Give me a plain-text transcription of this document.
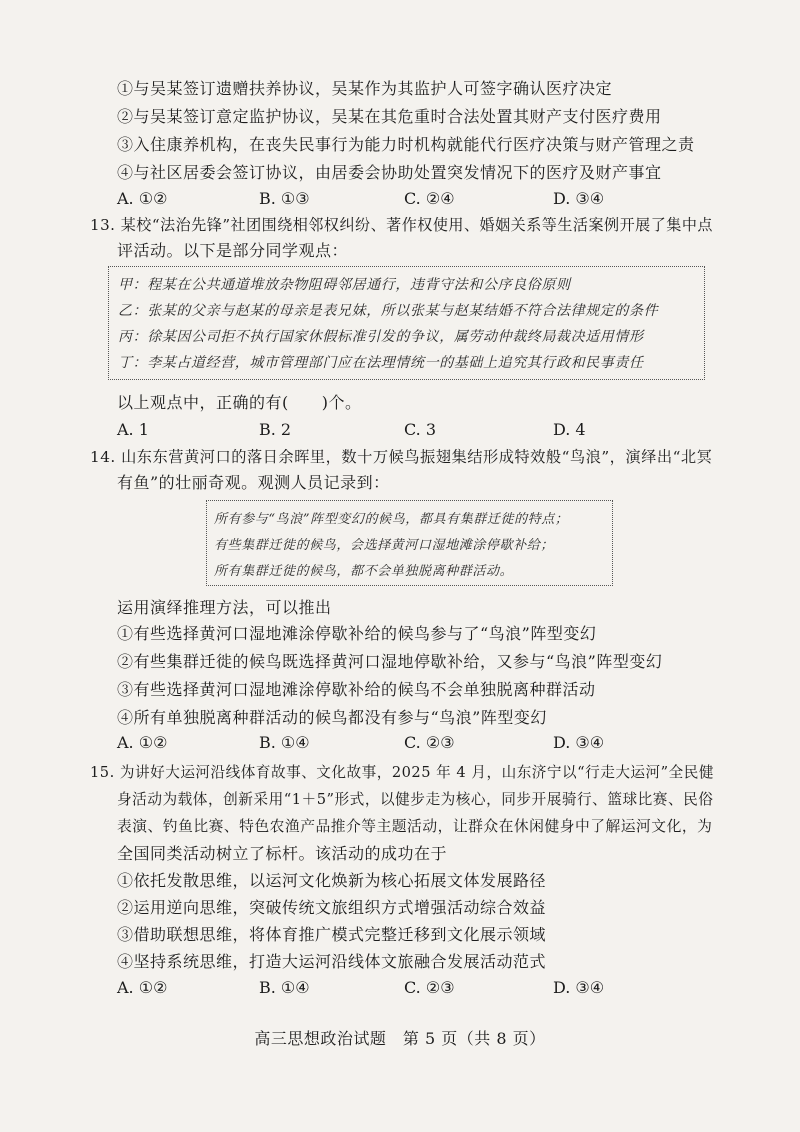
①与吴某签订遗赠扶养协议，吴某作为其监护人可签字确认医疗决定
②与吴某签订意定监护协议，吴某在其危重时合法处置其财产支付医疗费用
③入住康养机构，在丧失民事行为能力时机构就能代行医疗决策与财产管理之责
④与社区居委会签订协议，由居委会协助处置突发情况下的医疗及财产事宜
A. ①②	B. ①③	C. ②④	D. ③④
13. 某校“法治先锋”社团围绕相邻权纠纷、著作权使用、婚姻关系等生活案例开展了集中点
评活动。以下是部分同学观点：
甲：程某在公共通道堆放杂物阻碍邻居通行，违背守法和公序良俗原则
乙：张某的父亲与赵某的母亲是表兄妹，所以张某与赵某结婚不符合法律规定的条件
丙：徐某因公司拒不执行国家休假标准引发的争议，属劳动仲裁终局裁决适用情形
丁：李某占道经营，城市管理部门应在法理情统一的基础上追究其行政和民事责任
以上观点中，正确的有(　　)个。
A. 1	B. 2	C. 3	D. 4
14. 山东东营黄河口的落日余晖里，数十万候鸟振翅集结形成特效般“鸟浪”，演绎出“北冥
有鱼”的壮丽奇观。观测人员记录到：
所有参与“鸟浪”阵型变幻的候鸟，都具有集群迁徙的特点；
有些集群迁徙的候鸟，会选择黄河口湿地滩涂停歇补给；
所有集群迁徙的候鸟，都不会单独脱离种群活动。
运用演绎推理方法，可以推出
①有些选择黄河口湿地滩涂停歇补给的候鸟参与了“鸟浪”阵型变幻
②有些集群迁徙的候鸟既选择黄河口湿地停歇补给，又参与“鸟浪”阵型变幻
③有些选择黄河口湿地滩涂停歇补给的候鸟不会单独脱离种群活动
④所有单独脱离种群活动的候鸟都没有参与“鸟浪”阵型变幻
A. ①②	B. ①④	C. ②③	D. ③④
15. 为讲好大运河沿线体育故事、文化故事，2025 年 4 月，山东济宁以“行走大运河”全民健
身活动为载体，创新采用“1＋5”形式，以健步走为核心，同步开展骑行、篮球比赛、民俗
表演、钓鱼比赛、特色农渔产品推介等主题活动，让群众在休闲健身中了解运河文化，为
全国同类活动树立了标杆。该活动的成功在于
①依托发散思维，以运河文化焕新为核心拓展文体发展路径
②运用逆向思维，突破传统文旅组织方式增强活动综合效益
③借助联想思维，将体育推广模式完整迁移到文化展示领域
④坚持系统思维，打造大运河沿线体文旅融合发展活动范式
A. ①②	B. ①④	C. ②③	D. ③④
高三思想政治试题　第 5 页（共 8 页）
